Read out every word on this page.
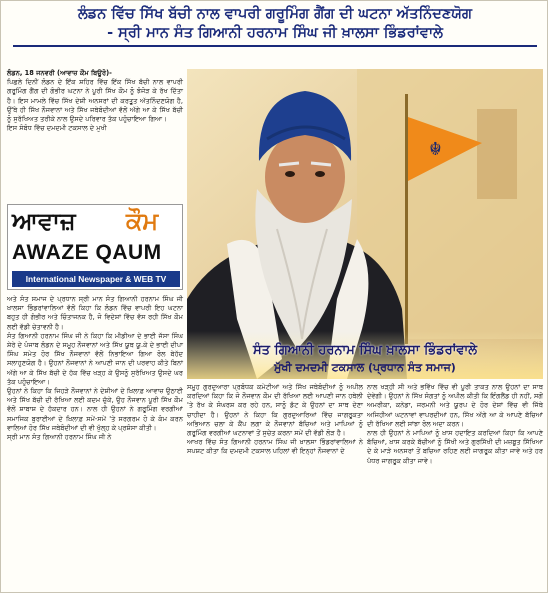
ਲੰਡਨ ਵਿੱਚ ਸਿੱਖ ਬੱਚੀ ਨਾਲ ਵਾਪਰੀ ਗਰੂਮਿੰਗ ਗੈਂਗ ਦੀ ਘਟਨਾ ਅੱਤਨਿੰਦਣਯੋਗ
- ਸ੍ਰੀ ਮਾਨ ਸੰਤ ਗਿਆਨੀ ਹਰਨਾਮ ਸਿੰਘ ਜੀ ਖ਼ਾਲਸਾ ਭਿੰਡਰਾਂਵਾਲੇ

ਲੰਡਨ, 18 ਜਨਵਰੀ (ਆਵਾਜ਼ ਕੌਮ ਬਿਊਰੋ)-

ਪਿਛਲੇ ਦਿਨੀਂ ਲੰਡਨ ਦੇ ਇੱਕ ਸ਼ਹਿਰ ਵਿੱਚ ਇੱਕ ਸਿੱਖ ਬੱਚੀ ਨਾਲ ਵਾਪਰੀ ਗਰੂਮਿੰਗ ਗੈਂਗ ਦੀ ਗੰਭੀਰ ਘਟਨਾ ਨੇ ਪੂਰੀ ਸਿੱਖ ਕੌਮ ਨੂੰ ਝੰਜੋੜ ਕੇ ਰੱਖ ਦਿੱਤਾ ਹੈ। ਇਸ ਮਾਮਲੇ ਵਿੱਚ ਸਿੱਖ ਦੇਸ਼ੀ ਅਨਸਰਾਂ ਦੀ ਕਰਤੂਤ ਅੱਤਨਿੰਦਣਯੋਗ ਹੈ, ਉੱਥੇ ਹੀ ਸਿੱਖ ਨੌਜਵਾਨਾਂ ਅਤੇ ਸਿੱਖ ਜਥੇਬੰਦੀਆਂ ਵੱਲੋਂ ਅੱਗੇ ਆ ਕੇ ਸਿੱਖ ਬੱਚੀ ਨੂੰ ਸੁਰੱਖਿਅਤ ਤਰੀਕੇ ਨਾਲ ਉਸਦੇ ਪਰਿਵਾਰ ਤੱਕ ਪਹੁੰਚਾਇਆ ਗਿਆ।

ਇਸ ਸੰਬੰਧ ਵਿੱਚ ਦਮਦਮੀ ਟਕਸਾਲ ਦੇ ਮੁਖੀ

ਆਵਾਜ਼	ਕੌਮ
AWAZE QAUM
International Newspaper & WEB TV

ਅਤੇ ਸੰਤ ਸਮਾਜ ਦੇ ਪ੍ਰਧਾਨ ਸ੍ਰੀ ਮਾਨ ਸੰਤ ਗਿਆਨੀ ਹਰਨਾਮ ਸਿੰਘ ਜੀ ਖ਼ਾਲਸਾ ਭਿੰਡਰਾਂਵਾਲਿਆਂ ਵੱਲੋਂ ਕਿਹਾ ਕਿ ਲੰਡਨ ਵਿੱਚ ਵਾਪਰੀ ਇਹ ਘਟਨਾ ਬਹੁਤ ਹੀ ਗੰਭੀਰ ਅਤੇ ਚਿੰਤਾਜਨਕ ਹੈ, ਜੋ ਵਿਦੇਸ਼ਾਂ ਵਿੱਚ ਵੱਸ ਰਹੀ ਸਿੱਖ ਕੌਮ ਲਈ ਵੱਡੀ ਚੇਤਾਵਨੀ ਹੈ।

ਸੰਤ ਗਿਆਨੀ ਹਰਨਾਮ ਸਿੰਘ ਜੀ ਨੇ ਕਿਹਾ ਕਿ ਮੀਡੀਆ ਦੇ ਭਾਈ ਜੱਸਾ ਸਿੰਘ ਸ਼ੇਰੇ ਦੇ ਪੰਜਾਬ ਲੰਡਨ ਦੇ ਸਮੂਹ ਨੌਜਵਾਨਾਂ ਅਤੇ ਸਿੱਖ ਯੂਥ ਯੂ.ਕੇ ਦੇ ਭਾਈ ਦੀਪਾ ਸਿੰਘ ਸਮੇਤ ਹੋਰ ਸਿੱਖ ਨੌਜਵਾਨਾਂ ਵੱਲੋਂ ਨਿਭਾਇਆ ਗਿਆ ਰੋਲ ਬੇਹੱਦ ਸਲਾਹੁਣਯੋਗ ਹੈ। ਉਹਨਾਂ ਨੌਜਵਾਨਾਂ ਨੇ ਆਪਣੀ ਜਾਨ ਦੀ ਪਰਵਾਹ ਕੀਤੇ ਬਿਨਾਂ ਅੱਗੇ ਆ ਕੇ ਸਿੱਖ ਬੱਚੀ ਦੇ ਹੱਕ ਵਿੱਚ ਖੜ੍ਹ ਕੇ ਉਸਨੂੰ ਸੁਰੱਖਿਅਤ ਉਸਦੇ ਘਰ ਤੱਕ ਪਹੁੰਚਾਇਆ।

ਉਹਨਾਂ ਨੇ ਕਿਹਾ ਕਿ ਜਿਹੜੇ ਨੌਜਵਾਨਾਂ ਨੇ ਦੇਸ਼ੀਆਂ ਦੇ ਖ਼ਿਲਾਫ਼ ਆਵਾਜ਼ ਉਠਾਈ ਅਤੇ ਸਿੱਖ ਬੱਚੀ ਦੀ ਰੱਖਿਆ ਲਈ ਕਦਮ ਚੁੱਕੇ, ਉਹ ਨੌਜਵਾਨ ਪੂਰੀ ਸਿੱਖ ਕੌਮ ਵੱਲੋਂ ਸ਼ਾਬਾਸ਼ ਦੇ ਹੱਕਦਾਰ ਹਨ। ਨਾਲ ਹੀ ਉਹਨਾਂ ਨੇ ਗਰੂਮਿੰਗ ਵਰਗੀਆਂ ਸਮਾਜਿਕ ਬੁਰਾਈਆਂ ਦੇ ਖ਼ਿਲਾਫ਼ ਸਮੇਂ-ਸਮੇਂ 'ਤੇ ਸਰਗਰਮ ਹੋ ਕੇ ਕੰਮ ਕਰਨ ਵਾਲਿਆਂ ਹੋਰ ਸਿੱਖ ਜਥੇਬੰਦੀਆਂ ਦੀ ਵੀ ਖੁੱਲ੍ਹ ਕੇ ਪ੍ਰਸ਼ੰਸਾ ਕੀਤੀ।

ਸ੍ਰੀ ਮਾਨ ਸੰਤ ਗਿਆਨੀ ਹਰਨਾਮ ਸਿੰਘ ਜੀ ਨੇ

☬
ਸੰਤ ਗਿਆਨੀ ਹਰਨਾਮ ਸਿੰਘ ਖ਼ਾਲਸਾ ਭਿੰਡਰਾਂਵਾਲੇ
ਮੁੱਖੀ ਦਮਦਮੀ ਟਕਸਾਲ (ਪ੍ਰਧਾਨ ਸੰਤ ਸਮਾਜ)

ਸਮੂਹ ਗੁਰਦੁਆਰਾ ਪ੍ਰਬੰਧਕ ਕਮੇਟੀਆਂ ਅਤੇ ਸਿੱਖ ਜਥੇਬੰਦੀਆਂ ਨੂੰ ਅਪੀਲ ਕਰਦਿਆਂ ਕਿਹਾ ਕਿ ਜੋ ਨੌਜਵਾਨ ਕੌਮ ਦੀ ਰੱਖਿਆ ਲਈ ਆਪਣੀ ਜਾਨ ਹਥੇਲੀ 'ਤੇ ਰੱਖ ਕੇ ਸੰਘਰਸ਼ ਕਰ ਰਹੇ ਹਨ, ਸਾਨੂੰ ਡੱਟ ਕੇ ਉਹਨਾਂ ਦਾ ਸਾਥ ਦੇਣਾ ਚਾਹੀਦਾ ਹੈ। ਉਹਨਾਂ ਨੇ ਕਿਹਾ ਕਿ ਗੁਰਦੁਆਰਿਆਂ ਵਿੱਚ ਜਾਗਰੂਕਤਾ ਅਭਿਆਨ ਚਲਾ ਕੇ ਕੈਂਪ ਲਗਾ ਕੇ ਨੌਜਵਾਨਾਂ ਬੱਚਿਆਂ ਅਤੇ ਮਾਪਿਆਂ ਨੂੰ ਗਰੂਮਿੰਗ ਵਰਗੀਆਂ ਘਟਨਾਵਾਂ ਤੋਂ ਸੁਚੇਤ ਕਰਨਾ ਸਮੇਂ ਦੀ ਵੱਡੀ ਲੋੜ ਹੈ।

ਆਖਰ ਵਿੱਚ ਸੰਤ ਗਿਆਨੀ ਹਰਨਾਮ ਸਿੰਘ ਜੀ ਖ਼ਾਲਸਾ ਭਿੰਡਰਾਂਵਾਲਿਆਂ ਨੇ ਸਪਸ਼ਟ ਕੀਤਾ ਕਿ ਦਮਦਮੀ ਟਕਸਾਲ ਪਹਿਲਾਂ ਵੀ ਇਨ੍ਹਾਂ ਨੌਜਵਾਨਾਂ ਦੇ

ਨਾਲ ਖੜ੍ਹੀ ਸੀ ਅਤੇ ਭਵਿੱਖ ਵਿੱਚ ਵੀ ਪੂਰੀ ਤਾਕਤ ਨਾਲ ਉਹਨਾਂ ਦਾ ਸਾਥ ਦੇਵੇਗੀ। ਉਹਨਾਂ ਨੇ ਸਿੱਖ ਸੰਗਤਾਂ ਨੂੰ ਅਪੀਲ ਕੀਤੀ ਕਿ ਇੰਗਲੈਂਡ ਹੀ ਨਹੀਂ, ਸਗੋਂ ਅਮਰੀਕਾ, ਕਨੇਡਾ, ਜਰਮਨੀ ਅਤੇ ਯੂਰਪ ਦੇ ਹੋਰ ਦੇਸ਼ਾਂ ਵਿੱਚ ਵੀ ਜਿੱਥੇ ਅਜਿਹੀਆਂ ਘਟਨਾਵਾਂ ਵਾਪਰਦੀਆਂ ਹਨ, ਸਿੱਖ ਅੱਗੇ ਆ ਕੇ ਆਪਣੇ ਬੱਚਿਆਂ ਦੀ ਰੱਖਿਆ ਲਈ ਸਾਂਝਾ ਰੋਲ ਅਦਾ ਕਰਨ।

ਨਾਲ ਹੀ ਉਹਨਾਂ ਨੇ ਮਾਪਿਆਂ ਨੂੰ ਖ਼ਾਸ ਹਦਾਇਤ ਕਰਦਿਆਂ ਕਿਹਾ ਕਿ ਆਪਣੇ ਬੱਚਿਆਂ, ਖ਼ਾਸ ਕਰਕੇ ਬੱਚੀਆਂ ਨੂੰ ਸਿੱਖੀ ਅਤੇ ਗੁਰਸਿੱਖੀ ਦੀ ਮਜ਼ਬੂਤ ਸਿੱਖਿਆ ਦੇ ਕੇ ਮਾੜੇ ਅਨਸਰਾਂ ਤੋਂ ਬਚਿਆ ਰਹਿਣ ਲਈ ਜਾਗਰੂਕ ਕੀਤਾ ਜਾਵੇ ਅਤੇ ਹਰ ਪੱਧਰ ਜਾਗਰੂਕ ਕੀਤਾ ਜਾਵੇ।
